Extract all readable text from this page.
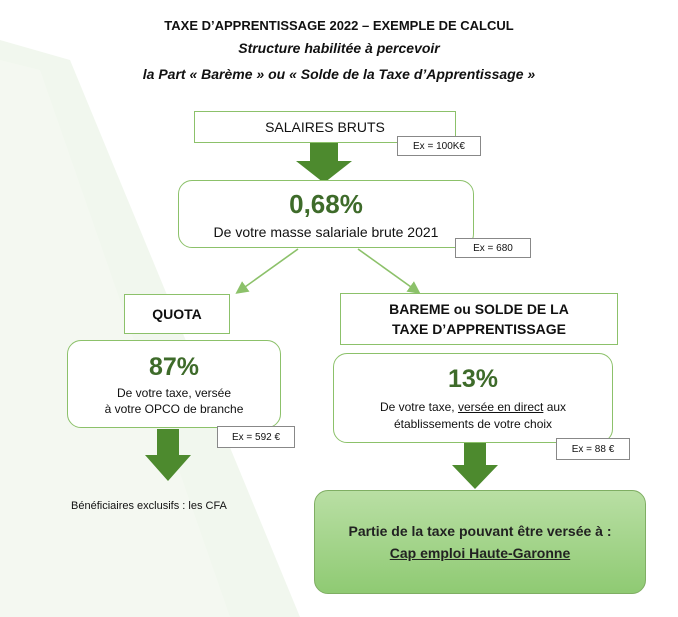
TAXE D’APPRENTISSAGE 2022 – EXEMPLE DE CALCUL
Structure habilitée à percevoir
la Part « Barème » ou « Solde de la Taxe d’Apprentissage »
SALAIRES BRUTS
Ex = 100K€
0,68%
De votre masse salariale brute 2021
Ex = 680
QUOTA
87%
De votre taxe, versée
à votre OPCO de branche
Ex = 592 €
Bénéficiaires exclusifs : les CFA
BAREME ou SOLDE DE LA
TAXE D’APPRENTISSAGE
13%
De votre taxe, versée en direct aux
établissements de votre choix
Ex = 88 €
Partie de la taxe pouvant être versée à :
Cap emploi Haute-Garonne
